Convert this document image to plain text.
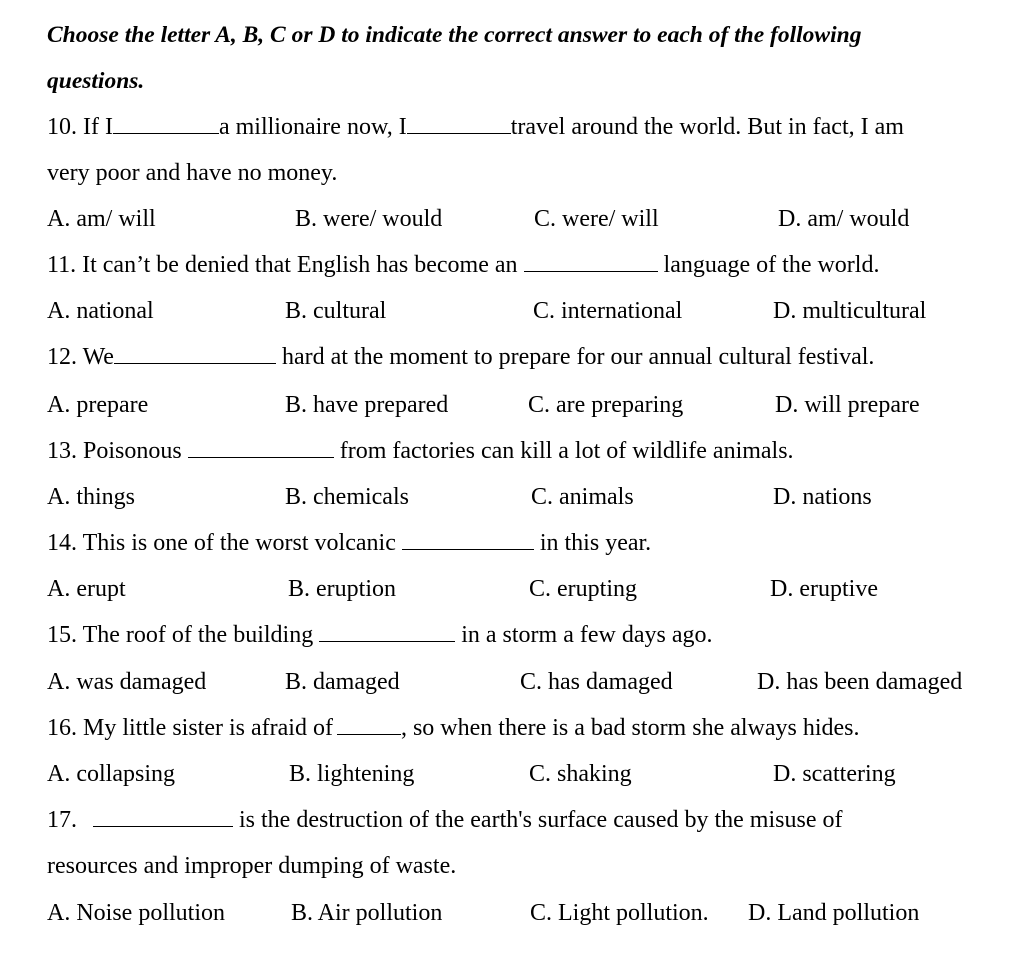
Choose the letter A, B, C or D to indicate the correct answer to each of the following
questions.
10. If I	a millionaire now, I	travel around the world. But in fact, I am
very poor and have no money.
A. am/ will	B. were/ would	C. were/ will	D. am/ would
11. It can’t be denied that English has become an	language of the world.
A. national	B. cultural	C. international	D. multicultural
12. We	hard at the moment to prepare for our annual cultural festival.
A. prepare	B. have prepared	C. are preparing	D. will prepare
13. Poisonous	from factories can kill a lot of wildlife animals.
A. things	B. chemicals	C. animals	D. nations
14. This is one of the worst volcanic	in this year.
A. erupt	B. eruption	C. erupting	D. eruptive
15. The roof of the building	in a storm a few days ago.
A. was damaged	B. damaged	C. has damaged	D. has been damaged
16. My little sister is afraid of	, so when there is a bad storm she always hides.
A. collapsing	B. lightening	C. shaking	D. scattering
17.	is the destruction of the earth's surface caused by the misuse of
resources and improper dumping of waste.
A. Noise pollution	B. Air pollution	C. Light pollution. D. Land pollution
